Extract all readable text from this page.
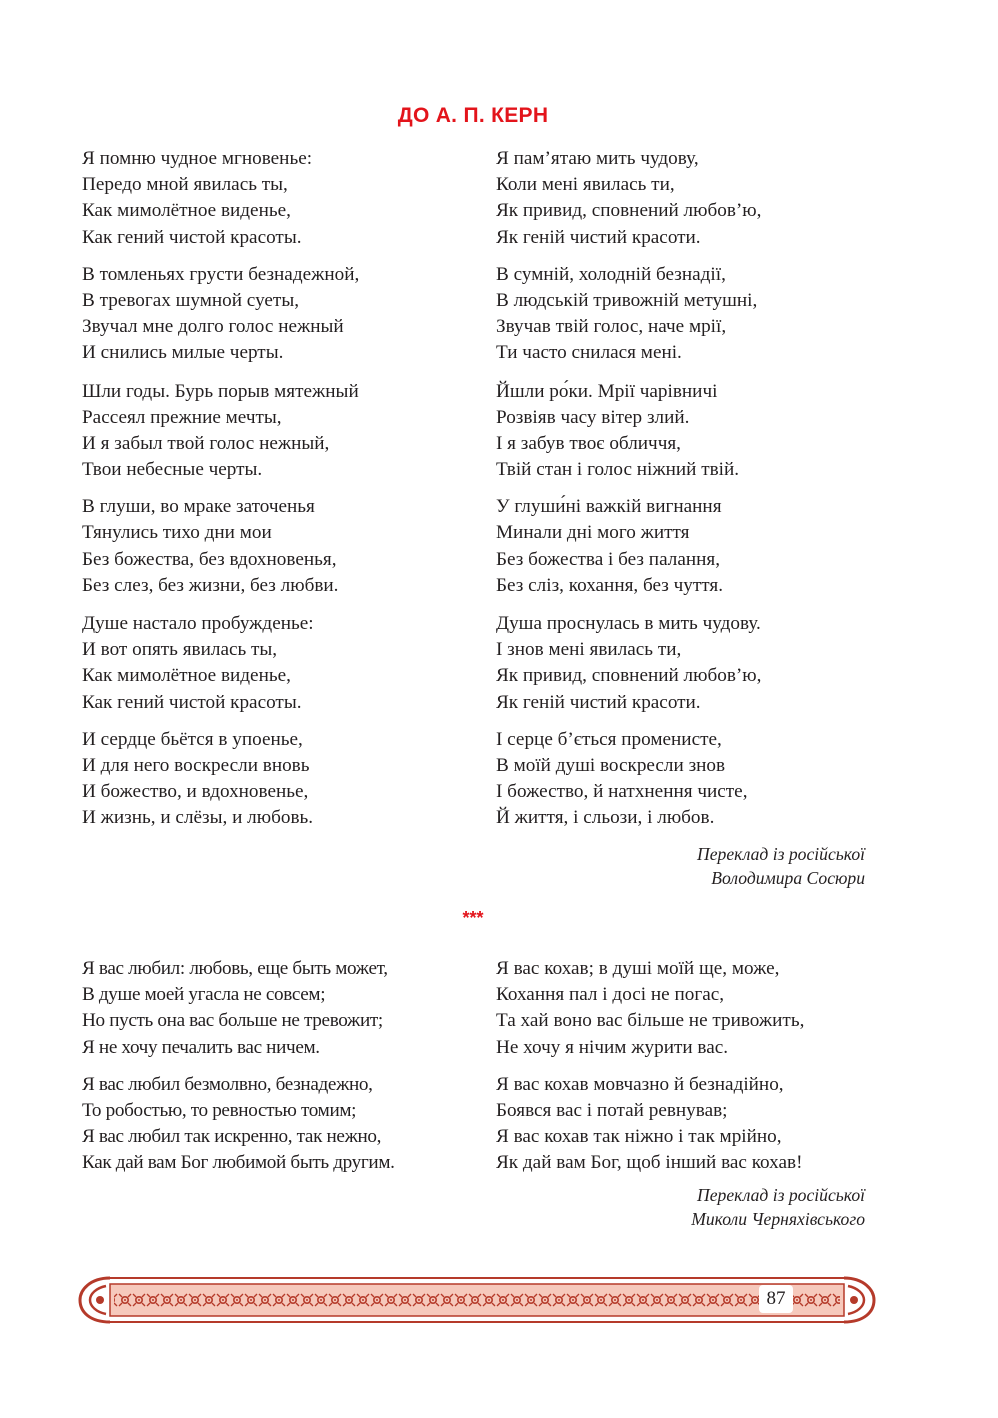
ДО А. П. КЕРН

Я помню чудное мгновенье:

Передо мной явилась ты,

Как мимолётное виденье,

Как гений чистой красоты.

В томленьях грусти безнадежной,

В тревогах шумной суеты,

Звучал мне долго голос нежный

И снились милые черты.

Шли годы. Бурь порыв мятежный

Рассеял прежние мечты,

И я забыл твой голос нежный,

Твои небесные черты.

В глуши, во мраке заточенья

Тянулись тихо дни мои

Без божества, без вдохновенья,

Без слез, без жизни, без любви.

Душе настало пробужденье:

И вот опять явилась ты,

Как мимолётное виденье,

Как гений чистой красоты.

И сердце бьётся в упоенье,

И для него воскресли вновь

И божество, и вдохновенье,

И жизнь, и слёзы, и любовь.

Я пам’ятаю мить чудову,

Коли мені явилась ти,

Як привид, сповнений любов’ю,

Як геній чистий красоти.

В сумній, холодній безнадії,

В людській тривожній метушні,

Звучав твій голос, наче мрії,

Ти часто снилася мені.

Йшли ро́ки. Мрії чарівничі

Розвіяв часу вітер злий.

І я забув твоє обличчя,

Твій стан і голос ніжний твій.

У глуши́ні важкій вигнання

Минали дні мого життя

Без божества і без палання,

Без сліз, кохання, без чуття.

Душа проснулась в мить чудову.

І знов мені явилась ти,

Як привид, сповнений любов’ю,

Як геній чистий красоти.

І серце б’ється променисте,

В моїй душі воскресли знов

І божество, й натхнення чисте,

Й життя, і сльози, і любов.

Переклад із російської
Володимира Сосюри
***

Я вас любил: любовь, еще быть может,

В душе моей угасла не совсем;

Но пусть она вас больше не тревожит;

Я не хочу печалить вас ничем.

Я вас любил безмолвно, безнадежно,

То робостью, то ревностью томим;

Я вас любил так искренно, так нежно,

Как дай вам Бог любимой быть другим.

Я вас кохав; в душі моїй ще, може,

Кохання пал і досі не погас,

Та хай воно вас більше не тривожить,

Не хочу я нічим журити вас.

Я вас кохав мовчазно й безнадійно,

Боявся вас і потай ревнував;

Я вас кохав так ніжно і так мрійно,

Як дай вам Бог, щоб інший вас кохав!

Переклад із російської
Миколи Черняхівського
87
